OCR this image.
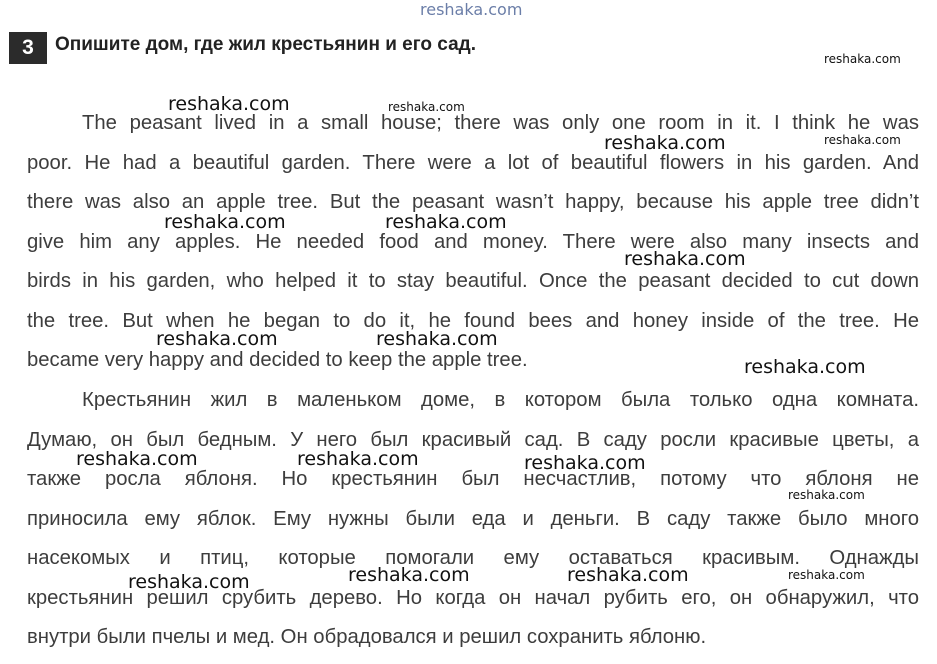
reshaka.com
3	Опишите дом, где жил крестьянин и его сад.
The peasant lived in a small house; there was only one room in it. I think he was
poor. He had a beautiful garden. There were a lot of beautiful flowers in his garden. And
there was also an apple tree. But the peasant wasn’t happy, because his apple tree didn’t
give him any apples. He needed food and money. There were also many insects and
birds in his garden, who helped it to stay beautiful. Once the peasant decided to cut down
the tree. But when he began to do it, he found bees and honey inside of the tree. He
became very happy and decided to keep the apple tree.
Крестьянин жил в маленьком доме, в котором была только одна комната.
Думаю, он был бедным. У него был красивый сад. В саду росли красивые цветы, а
также росла яблоня. Но крестьянин был несчастлив, потому что яблоня не
приносила ему яблок. Ему нужны были еда и деньги. В саду также было много
насекомых и птиц, которые помогали ему оставаться красивым. Однажды
крестьянин решил срубить дерево. Но когда он начал рубить его, он обнаружил, что
внутри были пчелы и мед. Он обрадовался и решил сохранить яблоню.
reshaka.com
reshaka.com	reshaka.com
reshaka.com
reshaka.com
reshaka.com	reshaka.com
reshaka.com
reshaka.com	reshaka.com
reshaka.com
reshaka.com	reshaka.com	reshaka.com
reshaka.com
reshaka.com	reshaka.com	reshaka.com	reshaka.com
